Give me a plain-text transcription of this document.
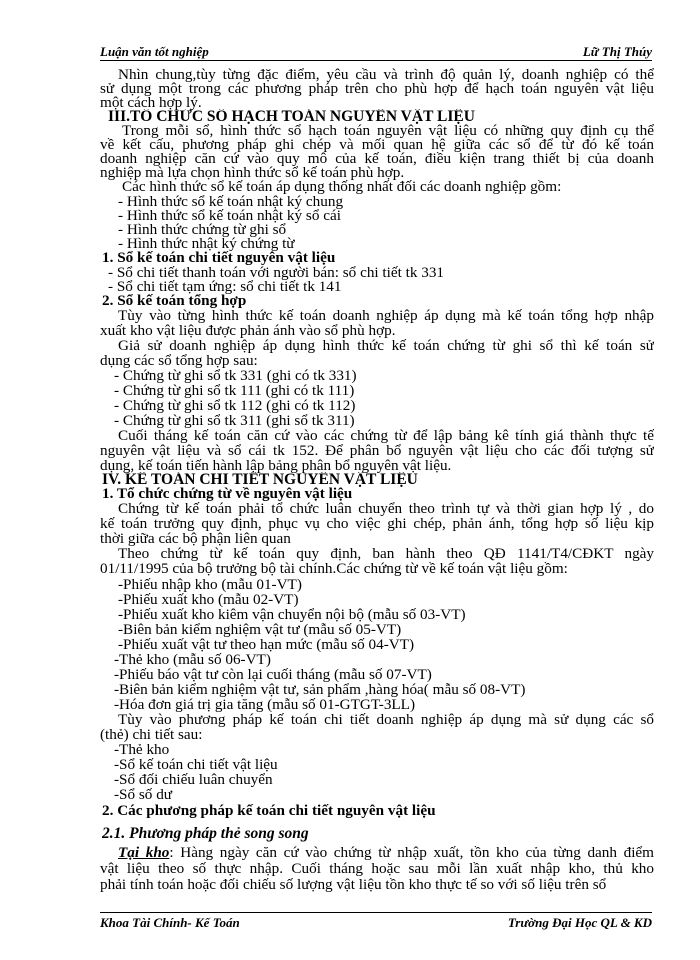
Luận văn tốt nghiệp	Lữ Thị Thúy
Nhìn chung,tùy từng đặc điểm, yêu cầu và trình độ quản lý, doanh nghiệp có thể
sử dụng một trong các phương pháp trên cho phù hợp để hạch toán nguyên vật liệu
một cách hợp lý.
III.TỔ CHỨC SỔ HẠCH TOÁN NGUYÊN VẬT LIỆU
Trong mỗi sổ, hình thức sổ hạch toán nguyên vật liệu có những quy định cụ thể
về kết cấu, phương pháp ghi chép và mối quan hệ giữa các sổ để từ đó kế toán
doanh nghiệp căn cứ vào quy mô của kế toán, điều kiện trang thiết bị của doanh
nghiệp mà lựa chọn hình thức sổ kế toán phù hợp.
Các hình thức sổ kế toán áp dụng thống nhất đối các doanh nghiệp gồm:
- Hình thức sổ kế toán nhật ký chung
- Hình thức sổ kế toán nhật ký sổ cái
- Hình thức chứng từ ghi sổ
- Hình thức nhật ký chứng từ
1. Sổ kế toán chi tiết nguyên vật liệu
- Sổ chi tiết thanh toán với người bán: sổ chi tiết tk 331
- Sổ chi tiết tạm ứng: sổ chi tiết tk 141
2. Sổ kế toán tổng hợp
Tùy vào từng hình thức kế toán doanh nghiệp áp dụng mà kế toán tổng hợp nhập
xuất kho vật liệu được phản ánh vào sổ phù hợp.
Giả sử doanh nghiệp áp dụng hình thức kế toán chứng từ ghi sổ thì kế toán sử
dụng các sổ tổng hợp sau:
- Chứng từ ghi sổ tk 331 (ghi có tk 331)
- Chứng từ ghi sổ tk 111 (ghi có tk 111)
- Chứng từ ghi sổ tk 112 (ghi có tk 112)
- Chứng từ ghi sổ tk 311 (ghi sổ tk 311)
Cuối tháng kế toán căn cứ vào các chứng từ để lập bảng kê tính giá thành thực tế
nguyên vật liệu và sổ cái tk 152. Để phân bổ nguyên vật liệu cho các đối tượng sử
dụng, kế toán tiến hành lập bảng phân bổ nguyên vật liệu.
IV. KẾ TOÁN CHI TIẾT NGUYÊN VẬT LIỆU
1. Tổ chức chứng từ về nguyên vật liệu
Chứng từ kế toán phải tổ chức luân chuyển theo trình tự và thời gian hợp lý , do
kế toán trưởng quy định, phục vụ cho việc ghi chép, phản ánh, tổng hợp số liệu kịp
thời giữa các bộ phận liên quan
Theo chứng từ kế toán quy định, ban hành theo QĐ 1141/T4/CĐKT ngày
01/11/1995 của bộ trưởng bộ tài chính.Các chứng từ về kế toán vật liệu gồm:
-Phiếu nhập kho (mẫu 01-VT)
-Phiếu xuất kho (mẫu 02-VT)
-Phiếu xuất kho kiêm vận chuyển nội bộ (mẫu số 03-VT)
-Biên bản kiểm nghiệm vật tư (mẫu số 05-VT)
-Phiếu xuất vật tư theo hạn mức (mẫu số 04-VT)
-Thẻ kho (mẫu số 06-VT)
-Phiếu báo vật tư còn lại cuối tháng (mẫu số 07-VT)
-Biên bản kiểm nghiệm vật tư, sản phẩm ,hàng hóa( mẫu số 08-VT)
-Hóa đơn giá trị gia tăng (mẫu số 01-GTGT-3LL)
Tùy vào phương pháp kế toán chi tiết doanh nghiệp áp dụng mà sử dụng các sổ
(thẻ) chi tiết sau:
-Thẻ kho
-Sổ kế toán chi tiết vật liệu
-Sổ đối chiếu luân chuyển
-Sổ số dư
2. Các phương pháp kế toán chi tiết nguyên vật liệu
2.1. Phương pháp thẻ song song
Tại kho: Hàng ngày căn cứ vào chứng từ nhập xuất, tồn kho của từng danh điểm
Khoa Tài Chính- Kế Toán	Trường Đại Học QL & KD
vật liệu theo số thực nhập. Cuối tháng hoặc sau mỗi lần xuất nhập kho, thủ kho
phải tính toán hoặc đối chiếu số lượng vật liệu tồn kho thực tế so với số liệu trên sổ
